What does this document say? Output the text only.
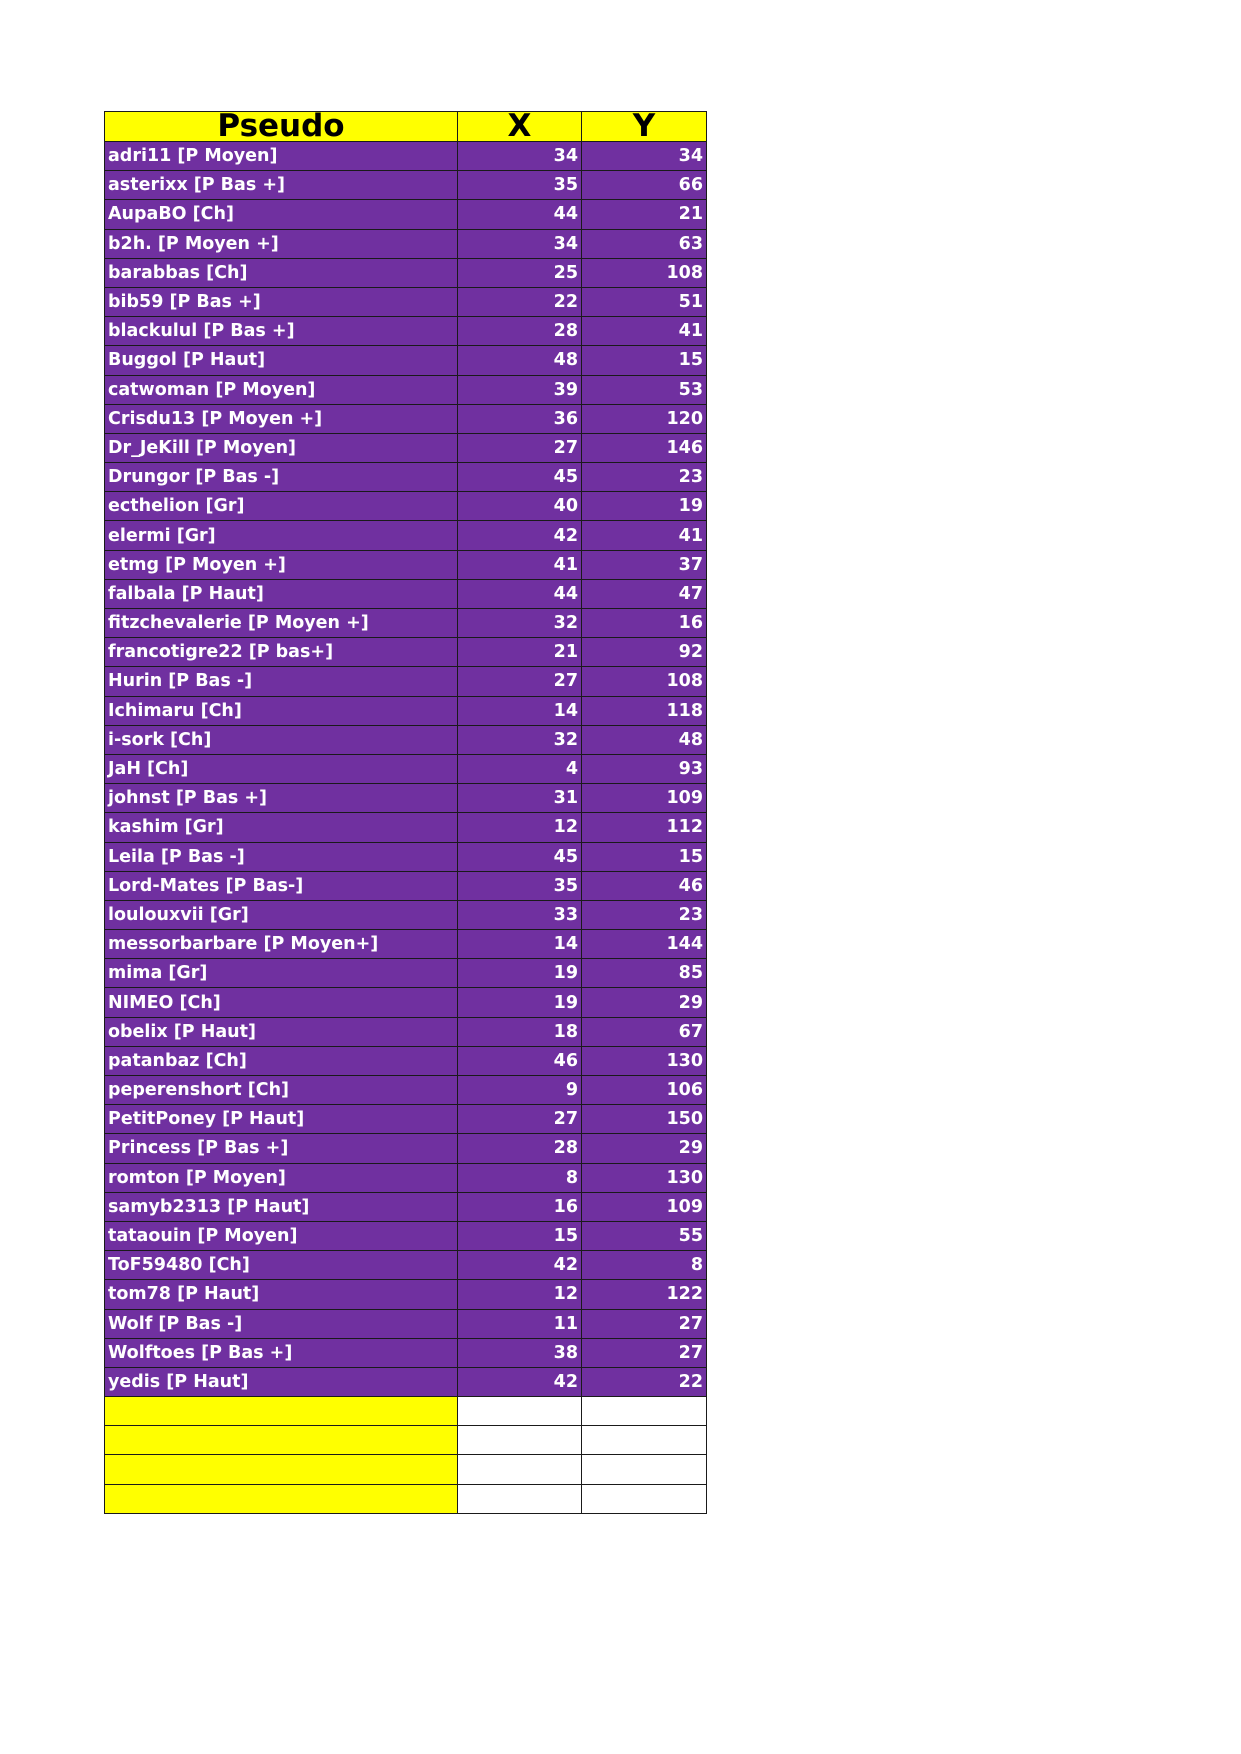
Pseudo	X	Y
adri11 [P Moyen]	34	34
asterixx [P Bas +]	35	66
AupaBO [Ch]	44	21
b2h. [P Moyen +]	34	63
barabbas [Ch]	25	108
bib59 [P Bas +]	22	51
blackulul [P Bas +]	28	41
Buggol [P Haut]	48	15
catwoman [P Moyen]	39	53
Crisdu13 [P Moyen +]	36	120
Dr_JeKill [P Moyen]	27	146
Drungor [P Bas -]	45	23
ecthelion [Gr]	40	19
elermi [Gr]	42	41
etmg [P Moyen +]	41	37
falbala [P Haut]	44	47
fitzchevalerie [P Moyen +]	32	16
francotigre22 [P bas+]	21	92
Hurin [P Bas -]	27	108
Ichimaru [Ch]	14	118
i-sork [Ch]	32	48
JaH [Ch]	4	93
johnst [P Bas +]	31	109
kashim [Gr]	12	112
Leila [P Bas -]	45	15
Lord-Mates [P Bas-]	35	46
loulouxvii [Gr]	33	23
messorbarbare [P Moyen+]	14	144
mima [Gr]	19	85
NIMEO [Ch]	19	29
obelix [P Haut]	18	67
patanbaz [Ch]	46	130
peperenshort [Ch]	9	106
PetitPoney [P Haut]	27	150
Princess [P Bas +]	28	29
romton [P Moyen]	8	130
samyb2313 [P Haut]	16	109
tataouin [P Moyen]	15	55
ToF59480 [Ch]	42	8
tom78 [P Haut]	12	122
Wolf [P Bas -]	11	27
Wolftoes [P Bas +]	38	27
yedis [P Haut]	42	22
